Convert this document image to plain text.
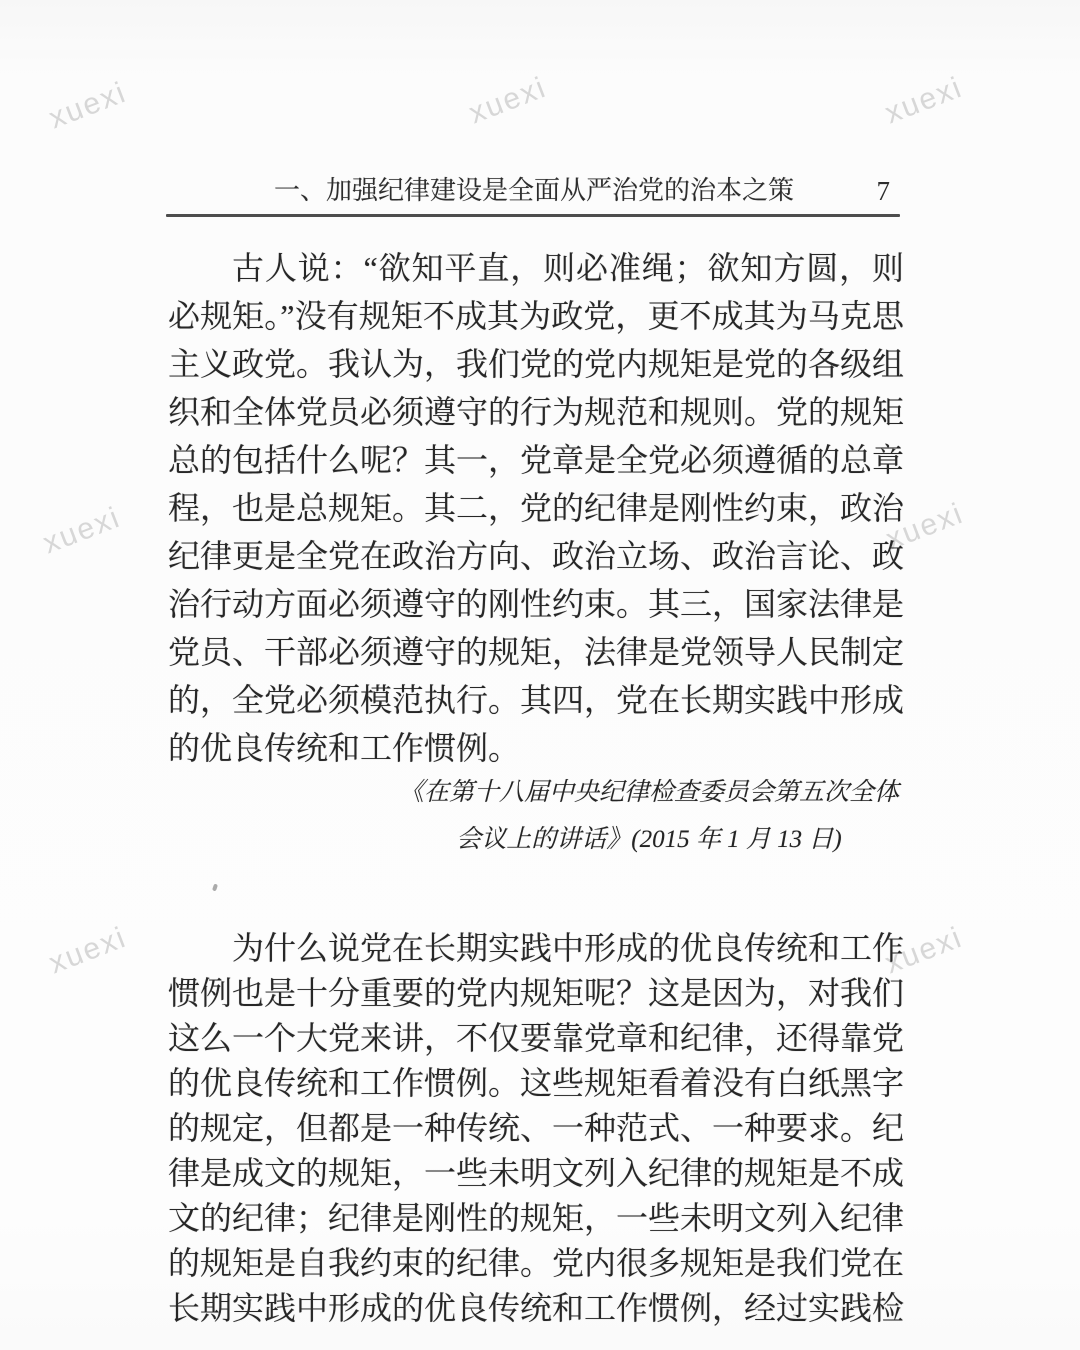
xuexi	xuexi	xuexi
xuexi	xuexi
xuexi	xuexi
一、加强纪律建设是全面从严治党的治本之策	7

古人说：“欲知平直，则必准绳；欲知方圆，则必规矩。”没有规矩不成其为政党，更不成其为马克思主义政党。我认为，我们党的党内规矩是党的各级组织和全体党员必须遵守的行为规范和规则。党的规矩总的包括什么呢？其一，党章是全党必须遵循的总章程，也是总规矩。其二，党的纪律是刚性约束，政治纪律更是全党在政治方向、政治立场、政治言论、政治行动方面必须遵守的刚性约束。其三，国家法律是党员、干部必须遵守的规矩，法律是党领导人民制定的，全党必须模范执行。其四，党在长期实践中形成的优良传统和工作惯例。

《在第十八届中央纪律检查委员会第五次全体会议上的讲话》(2015 年 1 月 13 日)

为什么说党在长期实践中形成的优良传统和工作惯例也是十分重要的党内规矩呢？这是因为，对我们这么一个大党来讲，不仅要靠党章和纪律，还得靠党的优良传统和工作惯例。这些规矩看着没有白纸黑字的规定，但都是一种传统、一种范式、一种要求。纪律是成文的规矩，一些未明文列入纪律的规矩是不成文的纪律；纪律是刚性的规矩，一些未明文列入纪律的规矩是自我约束的纪律。党内很多规矩是我们党在长期实践中形成的优良传统和工作惯例，经过实践检
